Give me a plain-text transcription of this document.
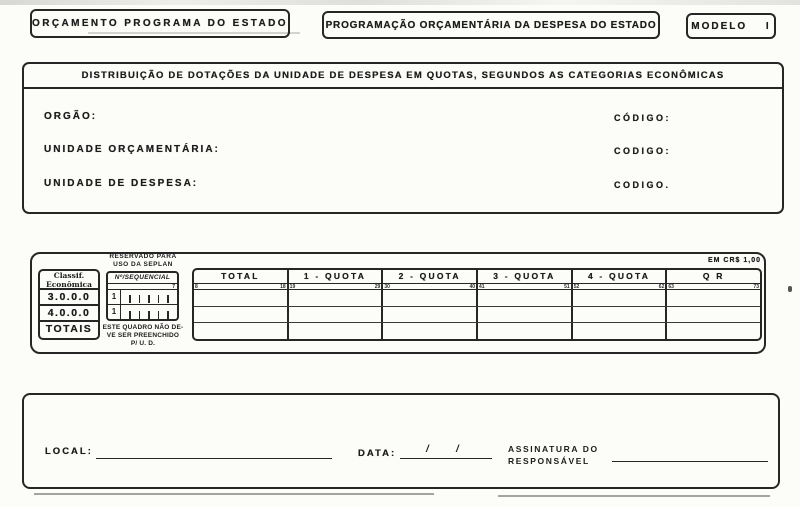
ORÇAMENTO PROGRAMA DO ESTADO	PROGRAMAÇÃO ORÇAMENTÁRIA DA DESPESA DO ESTADO	MODELO I
DISTRIBUIÇÃO DE DOTAÇÕES DA UNIDADE DE DESPESA EM QUOTAS, SEGUNDOS AS CATEGORIAS ECONÔMICAS
ORGÃO:	CÓDIGO:
UNIDADE ORÇAMENTÁRIA:	CODIGO:
UNIDADE DE DESPESA:	CODIGO.
Classif.
Econômica
3.0.0.0
4.0.0.0
TOTAIS
RESERVADO PARA
USO DA SEPLAN
Nº/SEQUENCIAL
7
1
1
ESTE QUADRO NÃO DE-
VE SER PREENCHIDO
P/ U. D.
EM CR$ 1,00
TOTAL	1 - QUOTA	2 - QUOTA	3 - QUOTA	4 - QUOTA	Q R
8	18 19	29 30	40 41	51 52	62 63	73
LOCAL:	DATA:	/	/	ASSINATURA DO
RESPONSÁVEL
